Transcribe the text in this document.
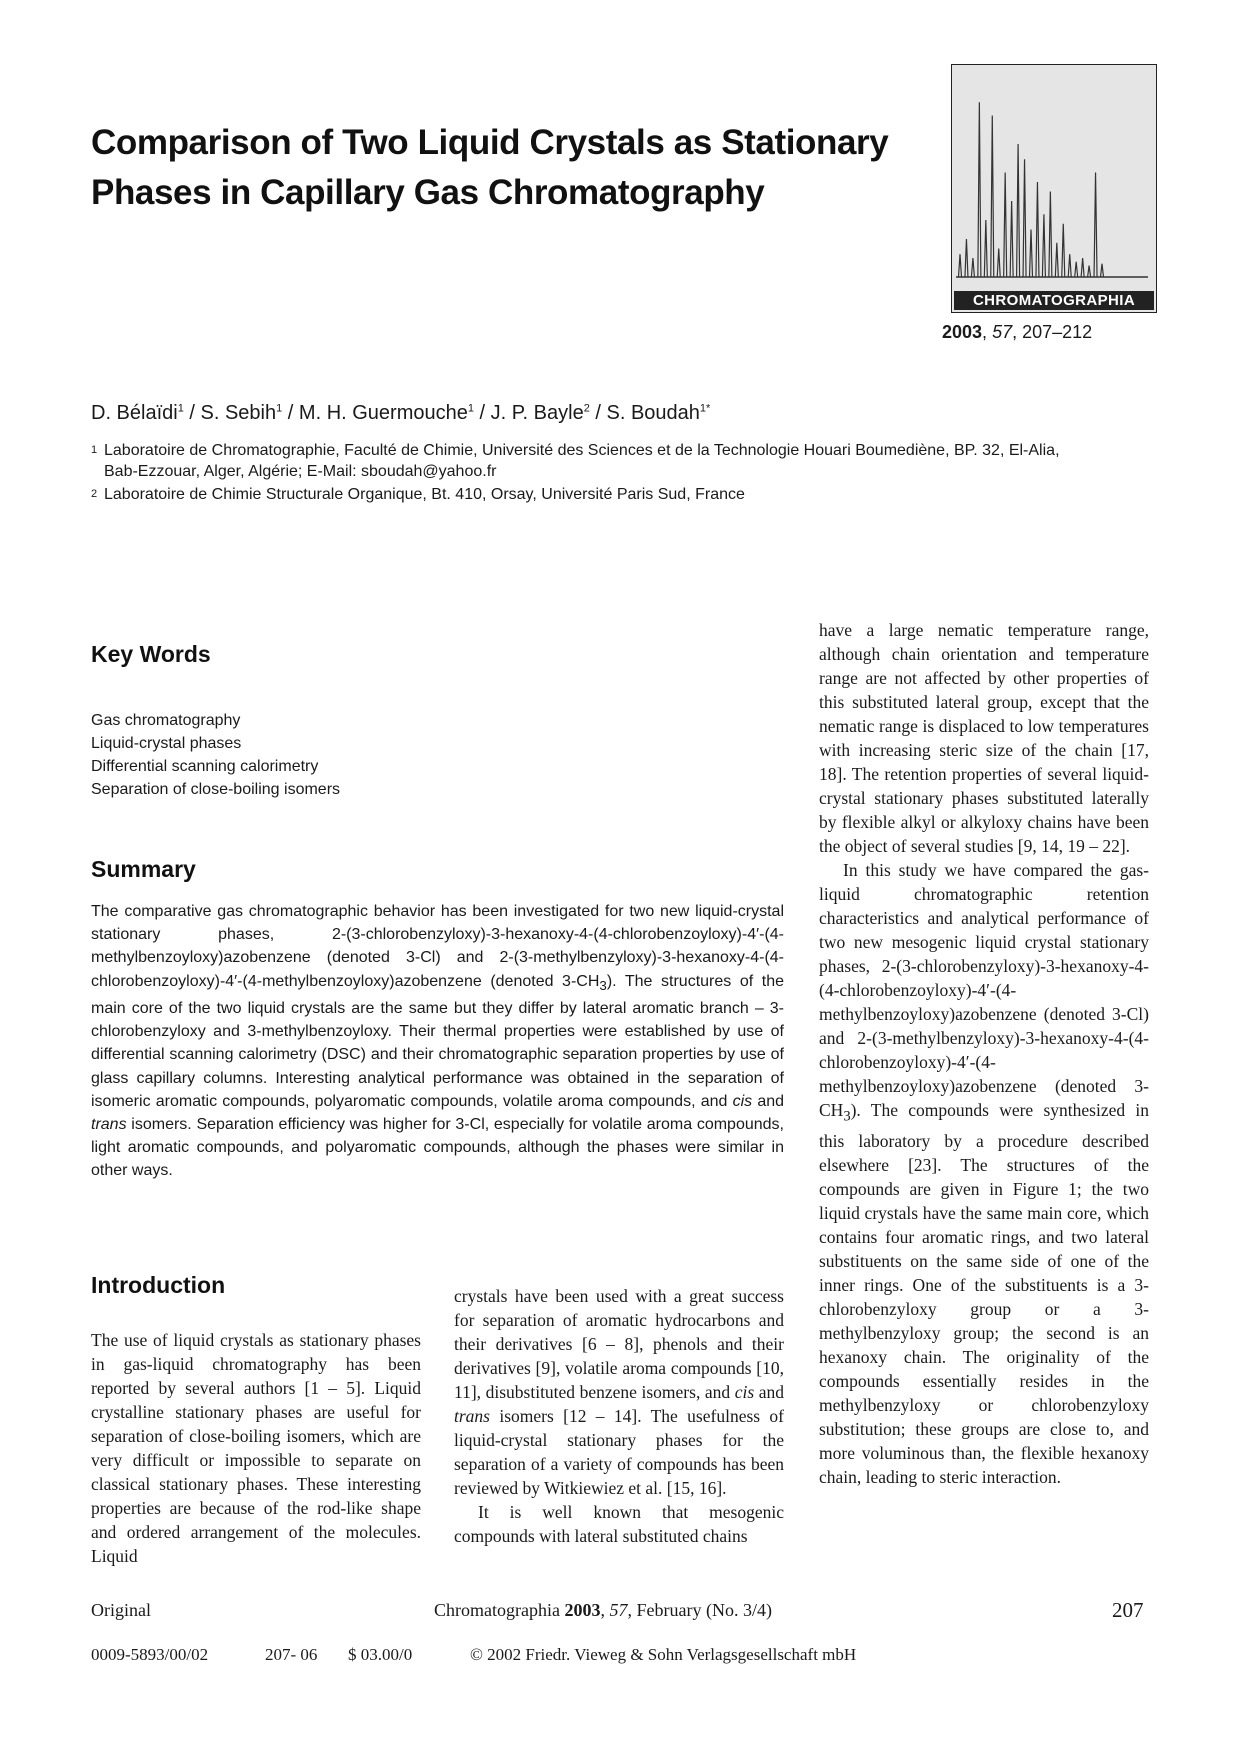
Comparison of Two Liquid Crystals as Stationary
Phases in Capillary Gas Chromatography
CHROMATOGRAPHIA
2003, 57, 207–212
D. Bélaïdi$^1$ / S. Sebih$^1$ / M. H. Guermouche$^1$ / J. P. Bayle$^2$ / S. Boudah$^{1*}$
1 Laboratoire de Chromatographie, Faculté de Chimie, Université des Sciences et de la Technologie Houari Boumediène, BP. 32, El-Alia,
Bab-Ezzouar, Alger, Algérie; E-Mail: sboudah@yahoo.fr
2 Laboratoire de Chimie Structurale Organique, Bt. 410, Orsay, Université Paris Sud, France
Key Words
Gas chromatography
Liquid-crystal phases
Differential scanning calorimetry
Separation of close-boiling isomers
Summary
The comparative gas chromatographic behavior has been investigated for two new liquid-crystal stationary phases, 2-(3-chlorobenzyloxy)-3-hexanoxy-4-(4-chlorobenzoyloxy)-4′-(4-methylbenzoyloxy)azobenzene (denoted 3-Cl) and 2-(3-methylbenzyloxy)-3-hexanoxy-4-(4-chlorobenzoyloxy)-4′-(4-methylbenzoyloxy)azobenzene (denoted $3-CH_3$). The structures of the main core of the two liquid crystals are the same but they differ by lateral aromatic branch – 3-chlorobenzyloxy and 3-methylbenzoyloxy. Their thermal properties were established by use of differential scanning calorimetry (DSC) and their chromatographic separation properties by use of glass capillary columns. Interesting analytical performance was obtained in the separation of isomeric aromatic compounds, polyaromatic compounds, volatile aroma compounds, and cis and trans isomers. Separation efficiency was higher for 3-Cl, especially for volatile aroma compounds, light aromatic compounds, and polyaromatic compounds, although the phases were similar in other ways.
Introduction

The use of liquid crystals as stationary phases in gas-liquid chromatography has been reported by several authors [1 – 5]. Liquid crystalline stationary phases are useful for separation of close-boiling isomers, which are very difficult or impossible to separate on classical stationary phases. These interesting properties are because of the rod-like shape and ordered arrangement of the molecules. Liquid

crystals have been used with a great success for separation of aromatic hydrocarbons and their derivatives [6 – 8], phenols and their derivatives [9], volatile aroma compounds [10, 11], disubstituted benzene isomers, and cis and trans isomers [12 – 14]. The usefulness of liquid-crystal stationary phases for the separation of a variety of compounds has been reviewed by Witkiewiez et al. [15, 16].

It is well known that mesogenic compounds with lateral substituted chains

have a large nematic temperature range, although chain orientation and temperature range are not affected by other properties of this substituted lateral group, except that the nematic range is displaced to low temperatures with increasing steric size of the chain [17, 18]. The retention properties of several liquid-crystal stationary phases substituted laterally by flexible alkyl or alkyloxy chains have been the object of several studies [9, 14, 19 – 22].

In this study we have compared the gas-liquid chromatographic retention characteristics and analytical performance of two new mesogenic liquid crystal stationary phases, 2-(3-chlorobenzyloxy)-3-hexanoxy-4-(4-chlorobenzoyloxy)-4′-(4-methylbenzoyloxy)azobenzene (denoted 3-Cl) and 2-(3-methylbenzyloxy)-3-hexanoxy-4-(4-chlorobenzoyloxy)-4′-(4-methylbenzoyloxy)azobenzene (denoted $3-CH_3$). The compounds were synthesized in this laboratory by a procedure described elsewhere [23]. The structures of the compounds are given in Figure 1; the two liquid crystals have the same main core, which contains four aromatic rings, and two lateral substituents on the same side of one of the inner rings. One of the substituents is a 3-chlorobenzyloxy group or a 3-methylbenzyloxy group; the second is an hexanoxy chain. The originality of the compounds essentially resides in the methylbenzyloxy or chlorobenzyloxy substitution; these groups are close to, and more voluminous than, the flexible hexanoxy chain, leading to steric interaction.

Original	Chromatographia 2003, 57, February (No. 3/4)	207
0009-5893/00/02	207- 06 $ 03.00/0	© 2002 Friedr. Vieweg & Sohn Verlagsgesellschaft mbH
